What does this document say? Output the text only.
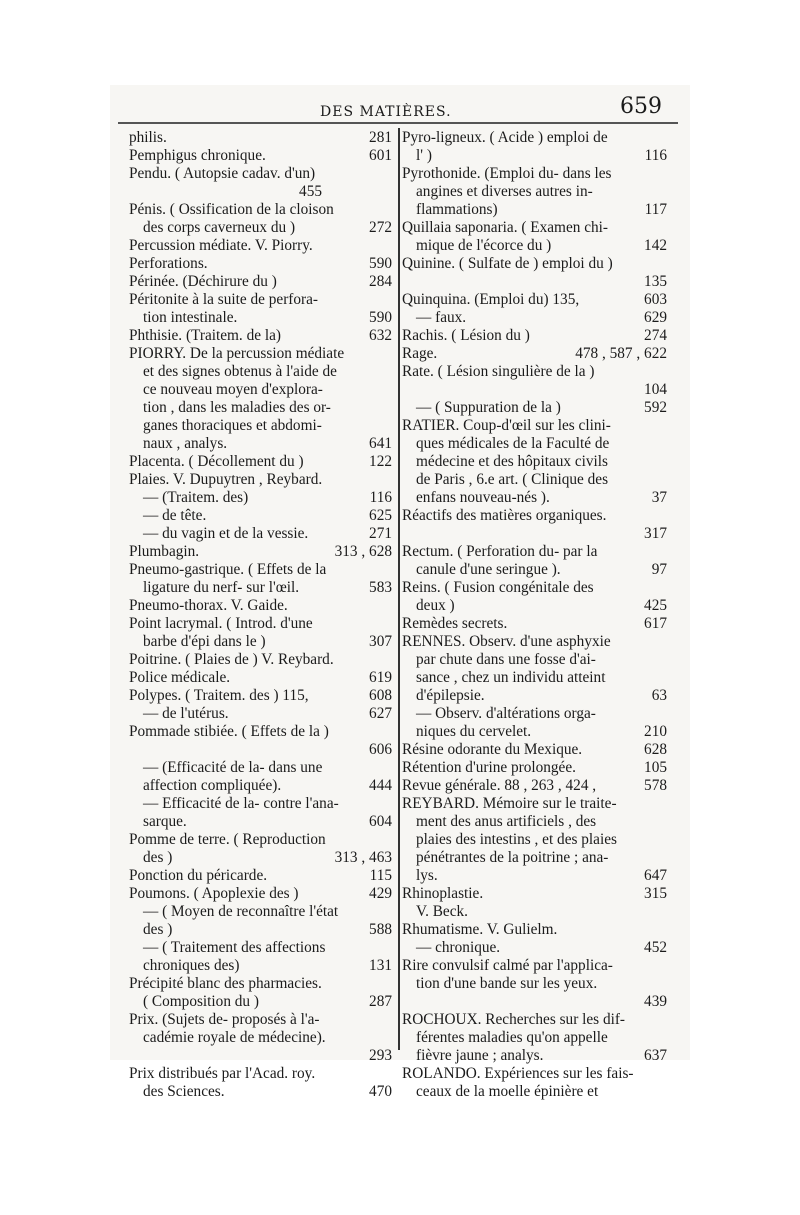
DES MATIÈRES.	659
philis.	281
Pemphigus chronique.	601
Pendu. ( Autopsie cadav. d'un)
455
Pénis. ( Ossification de la cloison
des corps caverneux du )	272
Percussion médiate. V. Piorry.
Perforations.	590
Périnée. (Déchirure du )	284
Péritonite à la suite de perfora-
tion intestinale.	590
Phthisie. (Traitem. de la)	632
PIORRY. De la percussion médiate
et des signes obtenus à l'aide de
ce nouveau moyen d'explora-
tion , dans les maladies des or-
ganes thoraciques et abdomi-
naux , analys.	641
Placenta. ( Décollement du )	122
Plaies. V. Dupuytren , Reybard.
— (Traitem. des)	116
— de tête.	625
— du vagin et de la vessie.	271
Plumbagin.	313 , 628
Pneumo-gastrique. ( Effets de la
ligature du nerf- sur l'œil.	583
Pneumo-thorax. V. Gaide.
Point lacrymal. ( Introd. d'une
barbe d'épi dans le )	307
Poitrine. ( Plaies de ) V. Reybard.
Police médicale.	619
Polypes. ( Traitem. des ) 115,	608
— de l'utérus.	627
Pommade stibiée. ( Effets de la )
606
— (Efficacité de la- dans une
affection compliquée).	444
— Efficacité de la- contre l'ana-
sarque.	604
Pomme de terre. ( Reproduction
des )	313 , 463
Ponction du péricarde.	115
Poumons. ( Apoplexie des )	429
— ( Moyen de reconnaître l'état
des )	588
— ( Traitement des affections
chroniques des)	131
Précipité blanc des pharmacies.
( Composition du )	287
Prix. (Sujets de- proposés à l'a-
cadémie royale de médecine).
293
Prix distribués par l'Acad. roy.
des Sciences.	470
Pyro-ligneux. ( Acide ) emploi de
l' )	116
Pyrothonide. (Emploi du- dans les
angines et diverses autres in-
flammations)	117
Quillaia saponaria. ( Examen chi-
mique de l'écorce du )	142
Quinine. ( Sulfate de ) emploi du )
135
Quinquina. (Emploi du) 135,	603
— faux.	629
Rachis. ( Lésion du )	274
Rage.	478 , 587 , 622
Rate. ( Lésion singulière de la )
104
— ( Suppuration de la )	592
RATIER. Coup-d'œil sur les clini-
ques médicales de la Faculté de
médecine et des hôpitaux civils
de Paris , 6.e art. ( Clinique des
enfans nouveau-nés ).	37
Réactifs des matières organiques.
317
Rectum. ( Perforation du- par la
canule d'une seringue ).	97
Reins. ( Fusion congénitale des
deux )	425
Remèdes secrets.	617
RENNES. Observ. d'une asphyxie
par chute dans une fosse d'ai-
sance , chez un individu atteint
d'épilepsie.	63
— Observ. d'altérations orga-
niques du cervelet.	210
Résine odorante du Mexique.	628
Rétention d'urine prolongée.	105
Revue générale. 88 , 263 , 424 ,	578
REYBARD. Mémoire sur le traite-
ment des anus artificiels , des
plaies des intestins , et des plaies
pénétrantes de la poitrine ; ana-
lys.	647
Rhinoplastie.	315
V. Beck.
Rhumatisme. V. Gulielm.
— chronique.	452
Rire convulsif calmé par l'applica-
tion d'une bande sur les yeux.
439
ROCHOUX. Recherches sur les dif-
férentes maladies qu'on appelle
fièvre jaune ; analys.	637
ROLANDO. Expériences sur les fais-
ceaux de la moelle épinière et
